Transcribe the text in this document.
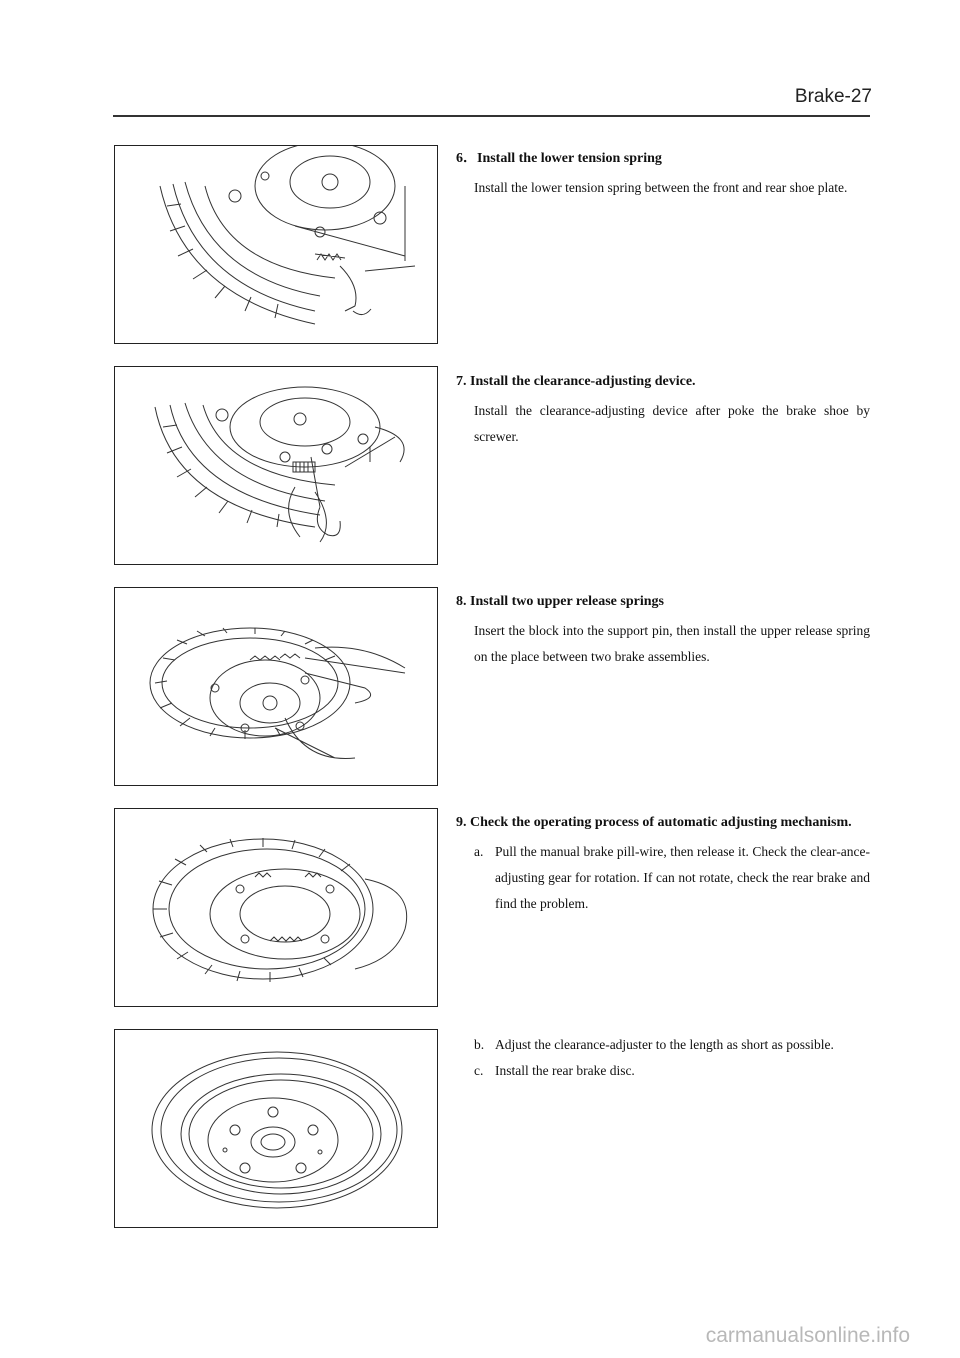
Brake-27

6．Install the lower tension spring

Install the lower tension spring between the front and rear shoe plate.

7. Install the clearance-adjusting device.

Install the clearance-adjusting device after poke the brake shoe by screwer.

8. Install two upper release springs

Insert the block into the support pin, then install the upper release spring on the place between two brake assemblies.

9. Check the operating process of automatic adjusting mechanism.

a. Pull the manual brake pill-wire, then release it. Check the clear-ance-adjusting gear for rotation. If can not rotate, check the rear brake and find the problem.
b. Adjust the clearance-adjuster to the length as short as possible.
c. Install the rear brake disc.
carmanualsonline.info
